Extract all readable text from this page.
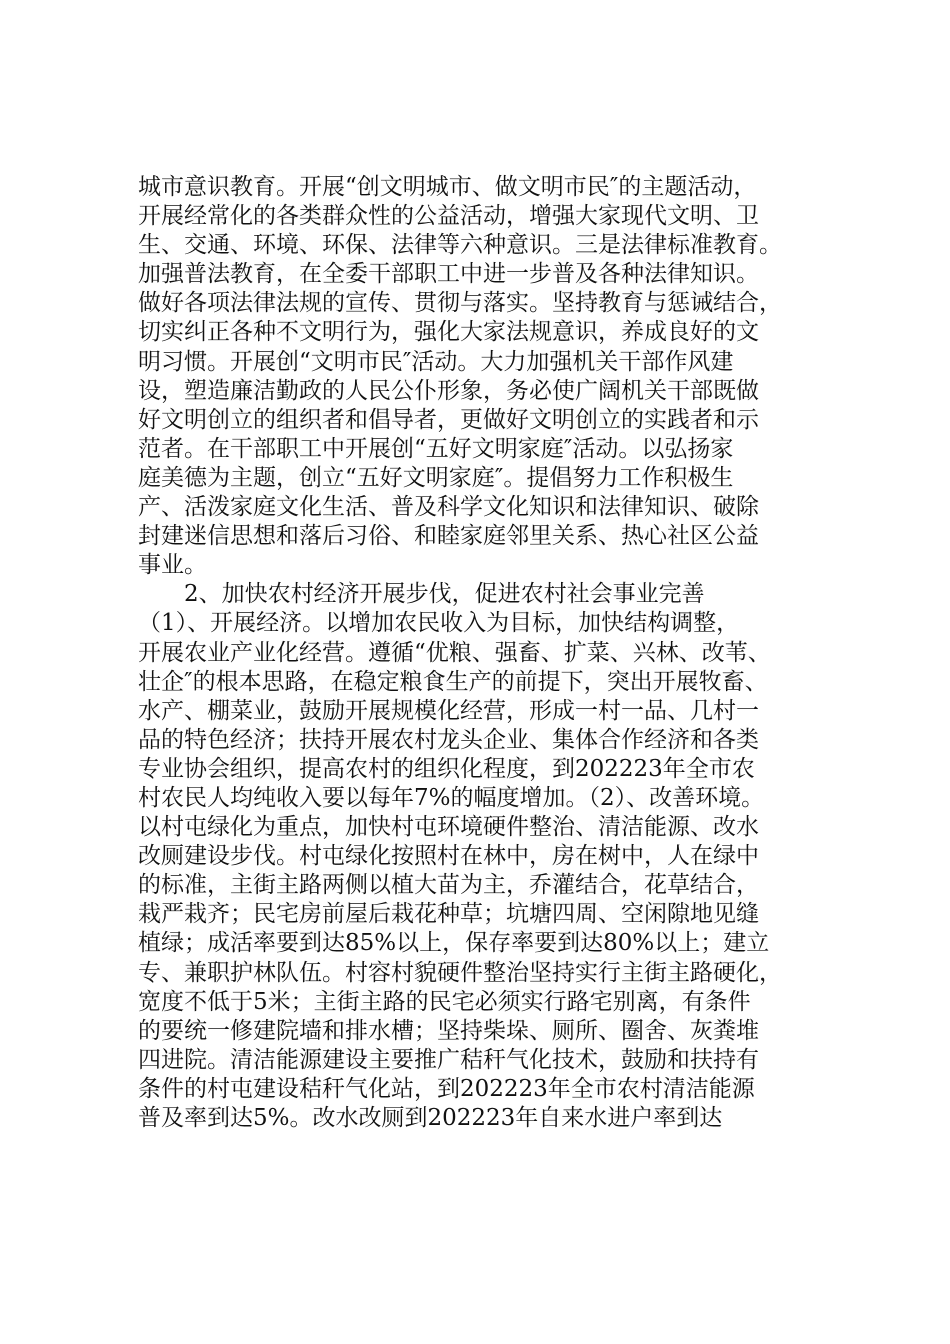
城市意识教育。开展“创文明城市、做文明市民″的主题活动，
开展经常化的各类群众性的公益活动，增强大家现代文明、卫
生、交通、环境、环保、法律等六种意识。三是法律标准教育。
加强普法教育，在全委干部职工中进一步普及各种法律知识。
做好各项法律法规的宣传、贯彻与落实。坚持教育与惩诫结合，
切实纠正各种不文明行为，强化大家法规意识，养成良好的文
明习惯。开展创“文明市民″活动。大力加强机关干部作风建
设，塑造廉洁勤政的人民公仆形象，务必使广阔机关干部既做
好文明创立的组织者和倡导者，更做好文明创立的实践者和示
范者。在干部职工中开展创“五好文明家庭″活动。以弘扬家
庭美德为主题，创立“五好文明家庭″。提倡努力工作积极生
产、活泼家庭文化生活、普及科学文化知识和法律知识、破除
封建迷信思想和落后习俗、和睦家庭邻里关系、热心社区公益
事业。
2、加快农村经济开展步伐，促进农村社会事业完善
（1）、开展经济。以增加农民收入为目标，加快结构调整，
开展农业产业化经营。遵循“优粮、强畜、扩菜、兴林、改苇、
壮企″的根本思路，在稳定粮食生产的前提下，突出开展牧畜、
水产、棚菜业，鼓励开展规模化经营，形成一村一品、几村一
品的特色经济；扶持开展农村龙头企业、集体合作经济和各类
专业协会组织，提高农村的组织化程度，到202223年全市农
村农民人均纯收入要以每年7%的幅度增加。（2）、改善环境。
以村屯绿化为重点，加快村屯环境硬件整治、清洁能源、改水
改厕建设步伐。村屯绿化按照村在林中，房在树中，人在绿中
的标准，主街主路两侧以植大苗为主，乔灌结合，花草结合，
栽严栽齐；民宅房前屋后栽花种草；坑塘四周、空闲隙地见缝
植绿；成活率要到达85%以上，保存率要到达80%以上；建立
专、兼职护林队伍。村容村貌硬件整治坚持实行主街主路硬化，
宽度不低于5米；主街主路的民宅必须实行路宅别离，有条件
的要统一修建院墙和排水槽；坚持柴垛、厕所、圈舍、灰粪堆
四进院。清洁能源建设主要推广秸秆气化技术，鼓励和扶持有
条件的村屯建设秸秆气化站，到202223年全市农村清洁能源
普及率到达5%。改水改厕到202223年自来水进户率到达
